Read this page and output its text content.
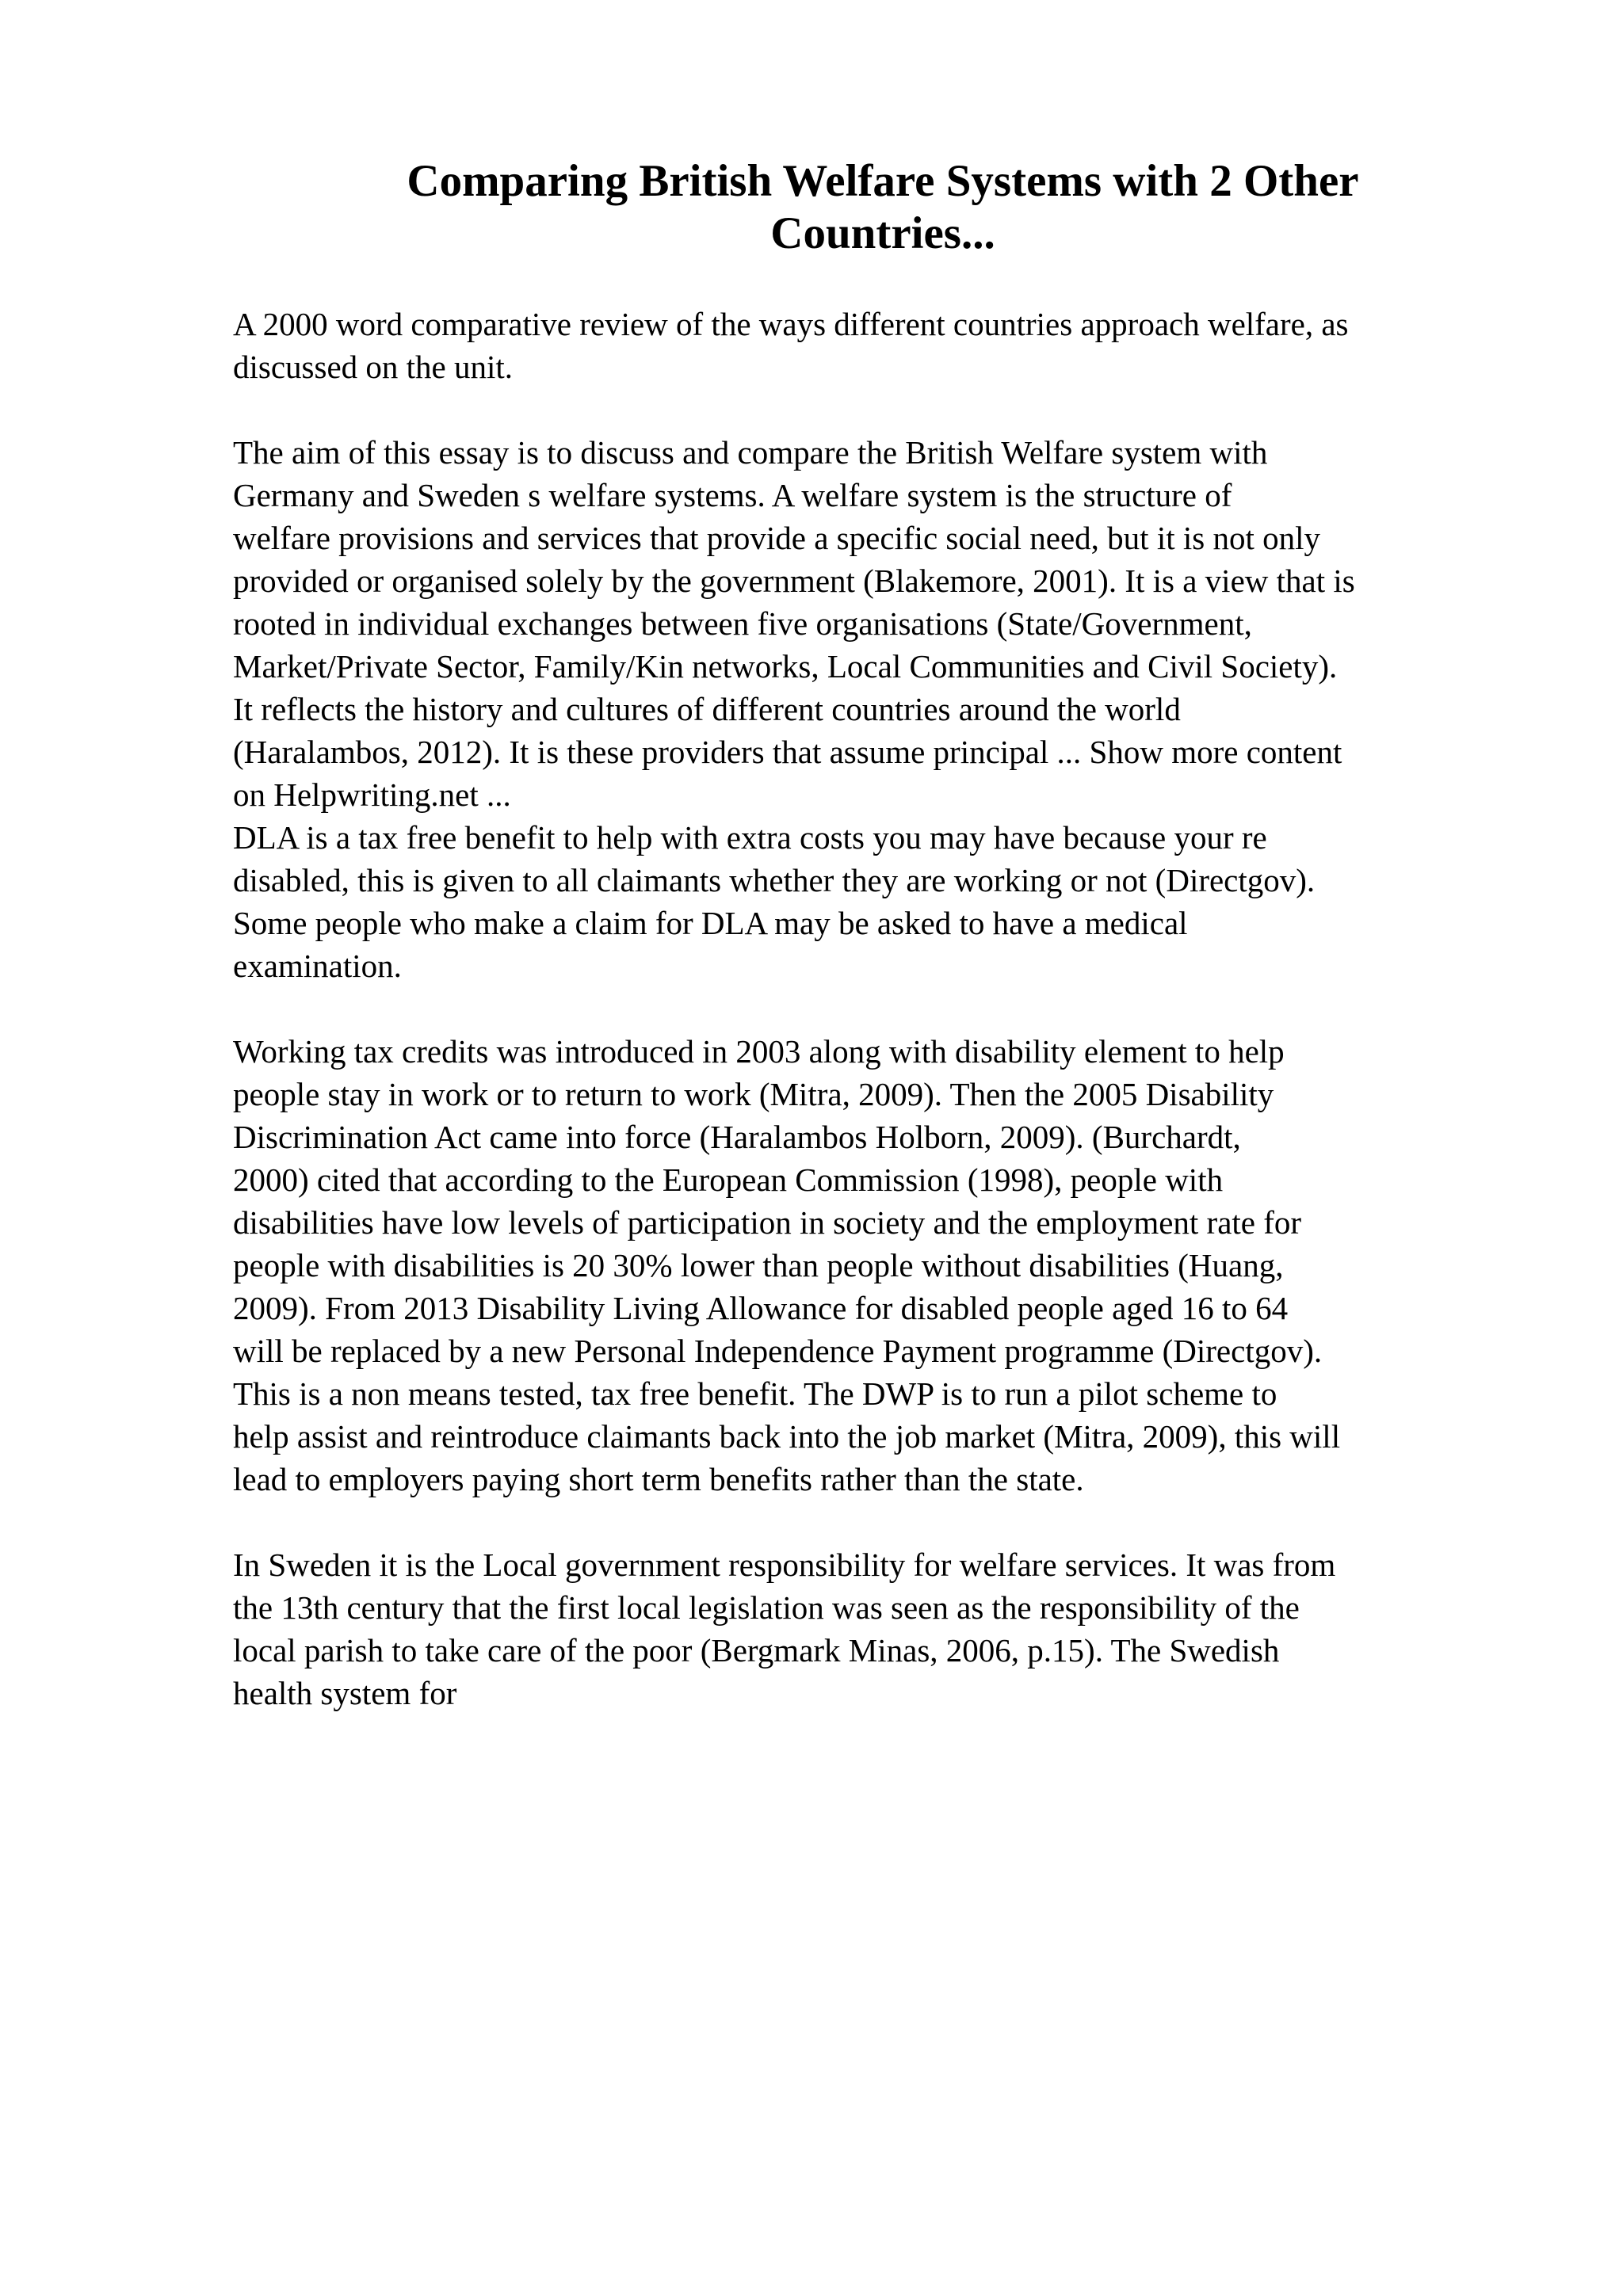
Comparing British Welfare Systems with 2 Other
Countries...

A 2000 word comparative review of the ways different countries approach welfare, as
discussed on the unit.

The aim of this essay is to discuss and compare the British Welfare system with
Germany and Sweden s welfare systems. A welfare system is the structure of
welfare provisions and services that provide a specific social need, but it is not only
provided or organised solely by the government (Blakemore, 2001). It is a view that is
rooted in individual exchanges between five organisations (State/Government,
Market/Private Sector, Family/Kin networks, Local Communities and Civil Society).
It reflects the history and cultures of different countries around the world
(Haralambos, 2012). It is these providers that assume principal ... Show more content
on Helpwriting.net ...

DLA is a tax free benefit to help with extra costs you may have because your re
disabled, this is given to all claimants whether they are working or not (Directgov).
Some people who make a claim for DLA may be asked to have a medical
examination.

Working tax credits was introduced in 2003 along with disability element to help
people stay in work or to return to work (Mitra, 2009). Then the 2005 Disability
Discrimination Act came into force (Haralambos Holborn, 2009). (Burchardt,
2000) cited that according to the European Commission (1998), people with
disabilities have low levels of participation in society and the employment rate for
people with disabilities is 20 30% lower than people without disabilities (Huang,
2009). From 2013 Disability Living Allowance for disabled people aged 16 to 64
will be replaced by a new Personal Independence Payment programme (Directgov).
This is a non means tested, tax free benefit. The DWP is to run a pilot scheme to
help assist and reintroduce claimants back into the job market (Mitra, 2009), this will
lead to employers paying short term benefits rather than the state.

In Sweden it is the Local government responsibility for welfare services. It was from
the 13th century that the first local legislation was seen as the responsibility of the
local parish to take care of the poor (Bergmark Minas, 2006, p.15). The Swedish
health system for
